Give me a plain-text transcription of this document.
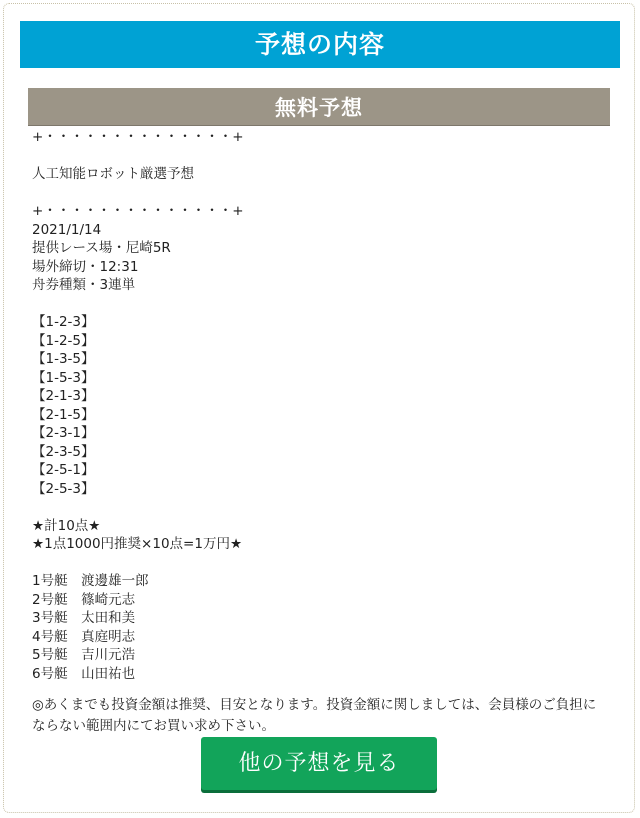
予想の内容
無料予想
+・・・・・・・・・・・・・・+
人工知能ロボット厳選予想
+・・・・・・・・・・・・・・+
2021/1/14
提供レース場・尼崎5R
場外締切・12:31
舟券種類・3連単
【1-2-3】
【1-2-5】
【1-3-5】
【1-5-3】
【2-1-3】
【2-1-5】
【2-3-1】
【2-3-5】
【2-5-1】
【2-5-3】
★計10点★
★1点1000円推奨×10点=1万円★
1号艇　渡邊雄一郎
2号艇　篠崎元志
3号艇　太田和美
4号艇　真庭明志
5号艇　吉川元浩
6号艇　山田祐也
◎あくまでも投資金額は推奨、目安となります。投資金額に関しましては、会員様のご負担にならない範囲内にてお買い求め下さい。
他の予想を見る
